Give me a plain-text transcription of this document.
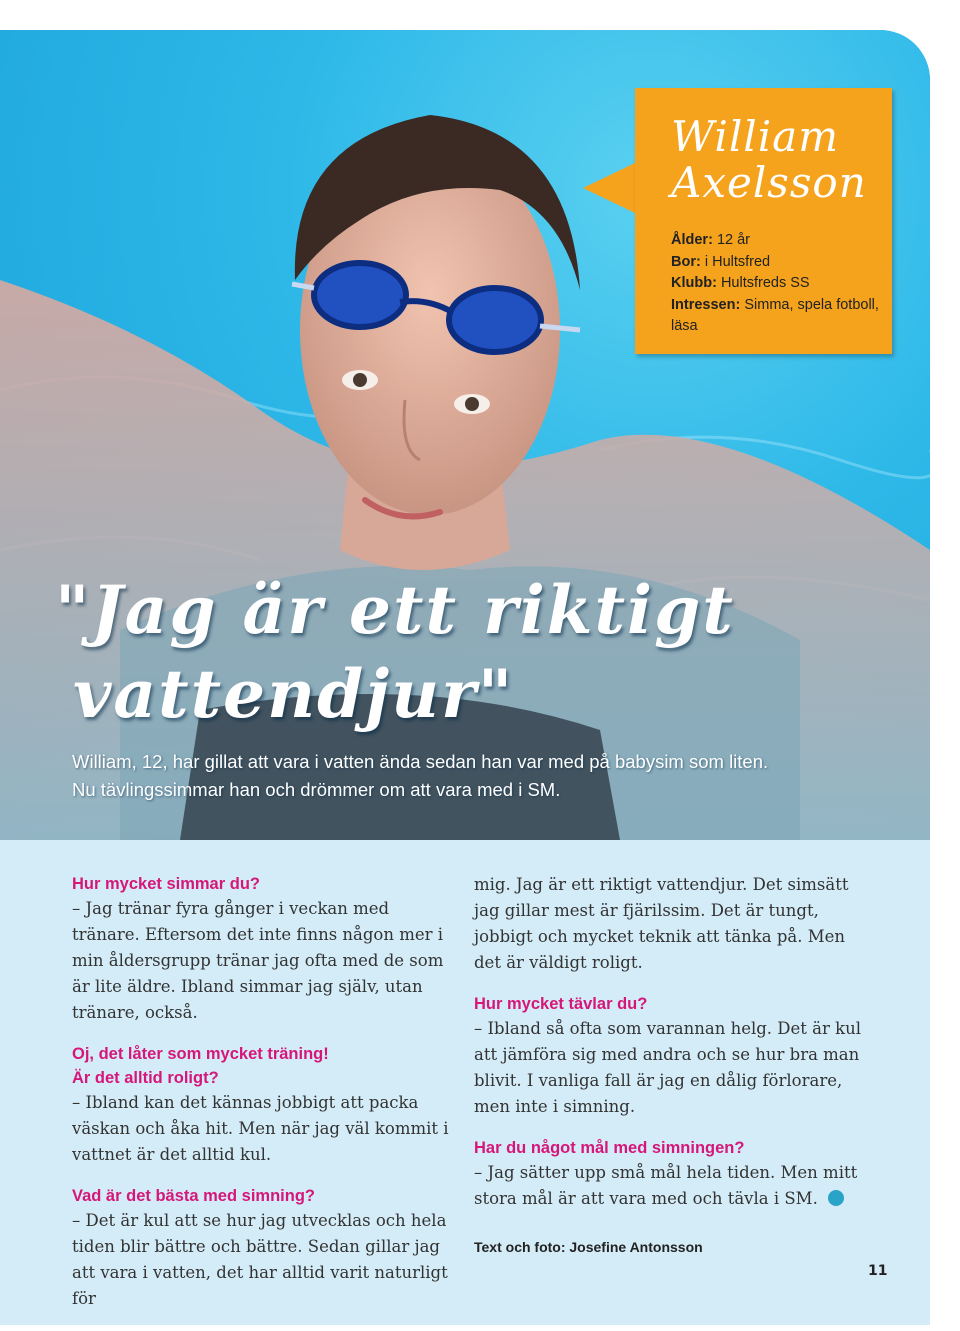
William
Axelsson
Ålder: 12 år
Bor: i Hultsfred
Klubb: Hultsfreds SS
Intressen: Simma, spela fotboll, läsa
"Jag är ett riktigt
vattendjur"

William, 12, har gillat att vara i vatten ända sedan han var med på babysim som liten. Nu tävlingssimmar han och drömmer om att vara med i SM.

Hur mycket simmar du?

– Jag tränar fyra gånger i veckan med tränare. Eftersom det inte finns någon mer i min åldersgrupp tränar jag ofta med de som är lite äldre. Ibland simmar jag själv, utan tränare, också.

Oj, det låter som mycket träning!
Är det alltid roligt?

– Ibland kan det kännas jobbigt att packa väskan och åka hit. Men när jag väl kommit i vattnet är det alltid kul.

Vad är det bästa med simning?

– Det är kul att se hur jag utvecklas och hela tiden blir bättre och bättre. Sedan gillar jag att vara i vatten, det har alltid varit naturligt för

mig. Jag är ett riktigt vattendjur. Det simsätt jag gillar mest är fjärilssim. Det är tungt, jobbigt och mycket teknik att tänka på. Men det är väldigt roligt.

Hur mycket tävlar du?

– Ibland så ofta som varannan helg. Det är kul att jämföra sig med andra och se hur bra man blivit. I vanliga fall är jag en dålig förlorare, men inte i simning.

Har du något mål med simningen?

– Jag sätter upp små mål hela tiden. Men mitt stora mål är att vara med och tävla i SM.

Text och foto: Josefine Antonsson
11
